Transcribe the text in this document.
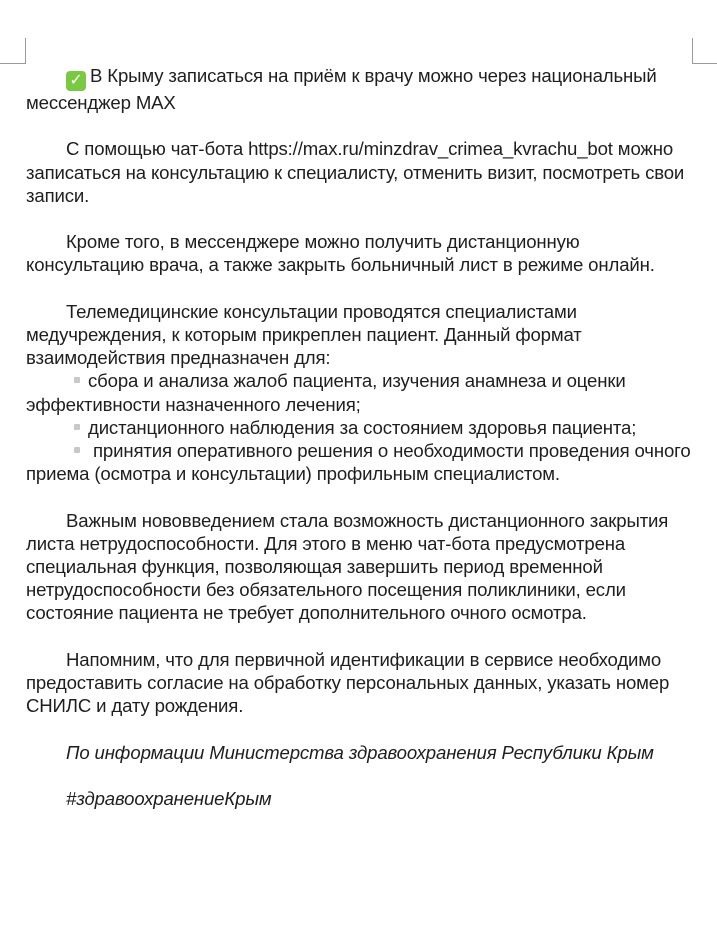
✓ В Крыму записаться на приём к врачу можно через национальный мессенджер MAX

С помощью чат-бота https://max.ru/minzdrav_crimea_kvrachu_bot можно записаться на консультацию к специалисту, отменить визит, посмотреть свои записи.

Кроме того, в мессенджере можно получить дистанционную консультацию врача, а также закрыть больничный лист в режиме онлайн.

Телемедицинские консультации проводятся специалистами медучреждения, к которым прикреплен пациент. Данный формат взаимодействия предназначен для:

сбора и анализа жалоб пациента, изучения анамнеза и оценки эффективности назначенного лечения;
дистанционного наблюдения за состоянием здоровья пациента;
принятия оперативного решения о необходимости проведения очного приема (осмотра и консультации) профильным специалистом.

Важным нововведением стала возможность дистанционного закрытия листа нетрудоспособности. Для этого в меню чат-бота предусмотрена специальная функция, позволяющая завершить период временной нетрудоспособности без обязательного посещения поликлиники, если состояние пациента не требует дополнительного очного осмотра.

Напомним, что для первичной идентификации в сервисе необходимо предоставить согласие на обработку персональных данных, указать номер СНИЛС и дату рождения.

По информации Министерства здравоохранения Республики Крым

#здравоохранениеКрым
